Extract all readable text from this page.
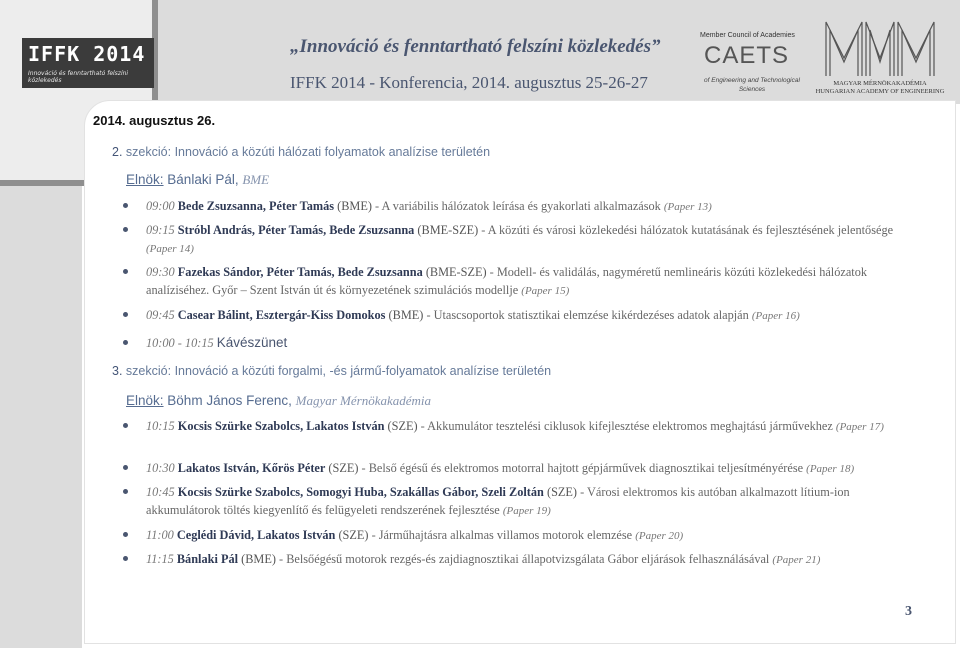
IFFK 2014
Innováció és fenntartható felszíni közlekedés
„Innováció és fenntartható felszíni közlekedés”
IFFK 2014 - Konferencia, 2014. augusztus 25-26-27
Member Council of Academies
CAETS
of Engineering and Technological Sciences
MAGYAR MÉRNÖKAKADÉMIA
HUNGARIAN ACADEMY OF ENGINEERING
2014. augusztus 26.
2. szekció: Innováció a közúti hálózati folyamatok analízise területén
Elnök: Bánlaki Pál, BME
09:00 Bede Zsuzsanna, Péter Tamás (BME) - A variábilis hálózatok leírása és gyakorlati alkalmazások (Paper 13)
09:15 Stróbl András, Péter Tamás, Bede Zsuzsanna (BME-SZE) - A közúti és városi közlekedési hálózatok kutatásának és fejlesztésének jelentősége (Paper 14)
09:30 Fazekas Sándor, Péter Tamás, Bede Zsuzsanna (BME-SZE) - Modell- és validálás, nagyméretű nemlineáris közúti közlekedési hálózatok analíziséhez. Győr – Szent István út és környezetének szimulációs modellje (Paper 15)
09:45 Casear Bálint, Esztergár-Kiss Domokos (BME) - Utascsoportok statisztikai elemzése kikérdezéses adatok alapján (Paper 16)
10:00 - 10:15 Kávészünet
3. szekció: Innováció a közúti forgalmi, -és jármű-folyamatok analízise területén
Elnök: Böhm János Ferenc, Magyar Mérnökakadémia
10:15 Kocsis Szürke Szabolcs, Lakatos István (SZE) - Akkumulátor tesztelési ciklusok kifejlesztése elektromos meghajtású járművekhez (Paper 17)
10:30 Lakatos István, Kőrös Péter (SZE) - Belső égésű és elektromos motorral hajtott gépjárművek diagnosztikai teljesítményérése (Paper 18)
10:45 Kocsis Szürke Szabolcs, Somogyi Huba, Szakállas Gábor, Szeli Zoltán (SZE) - Városi elektromos kis autóban alkalmazott lítium-ion akkumulátorok töltés kiegyenlítő és felügyeleti rendszerének fejlesztése (Paper 19)
11:00 Ceglédi Dávid, Lakatos István (SZE) - Járműhajtásra alkalmas villamos motorok elemzése (Paper 20)
11:15 Bánlaki Pál (BME) - Belsőégésű motorok rezgés-és zajdiagnosztikai állapotvizsgálata Gábor eljárások felhasználásával (Paper 21)
3
